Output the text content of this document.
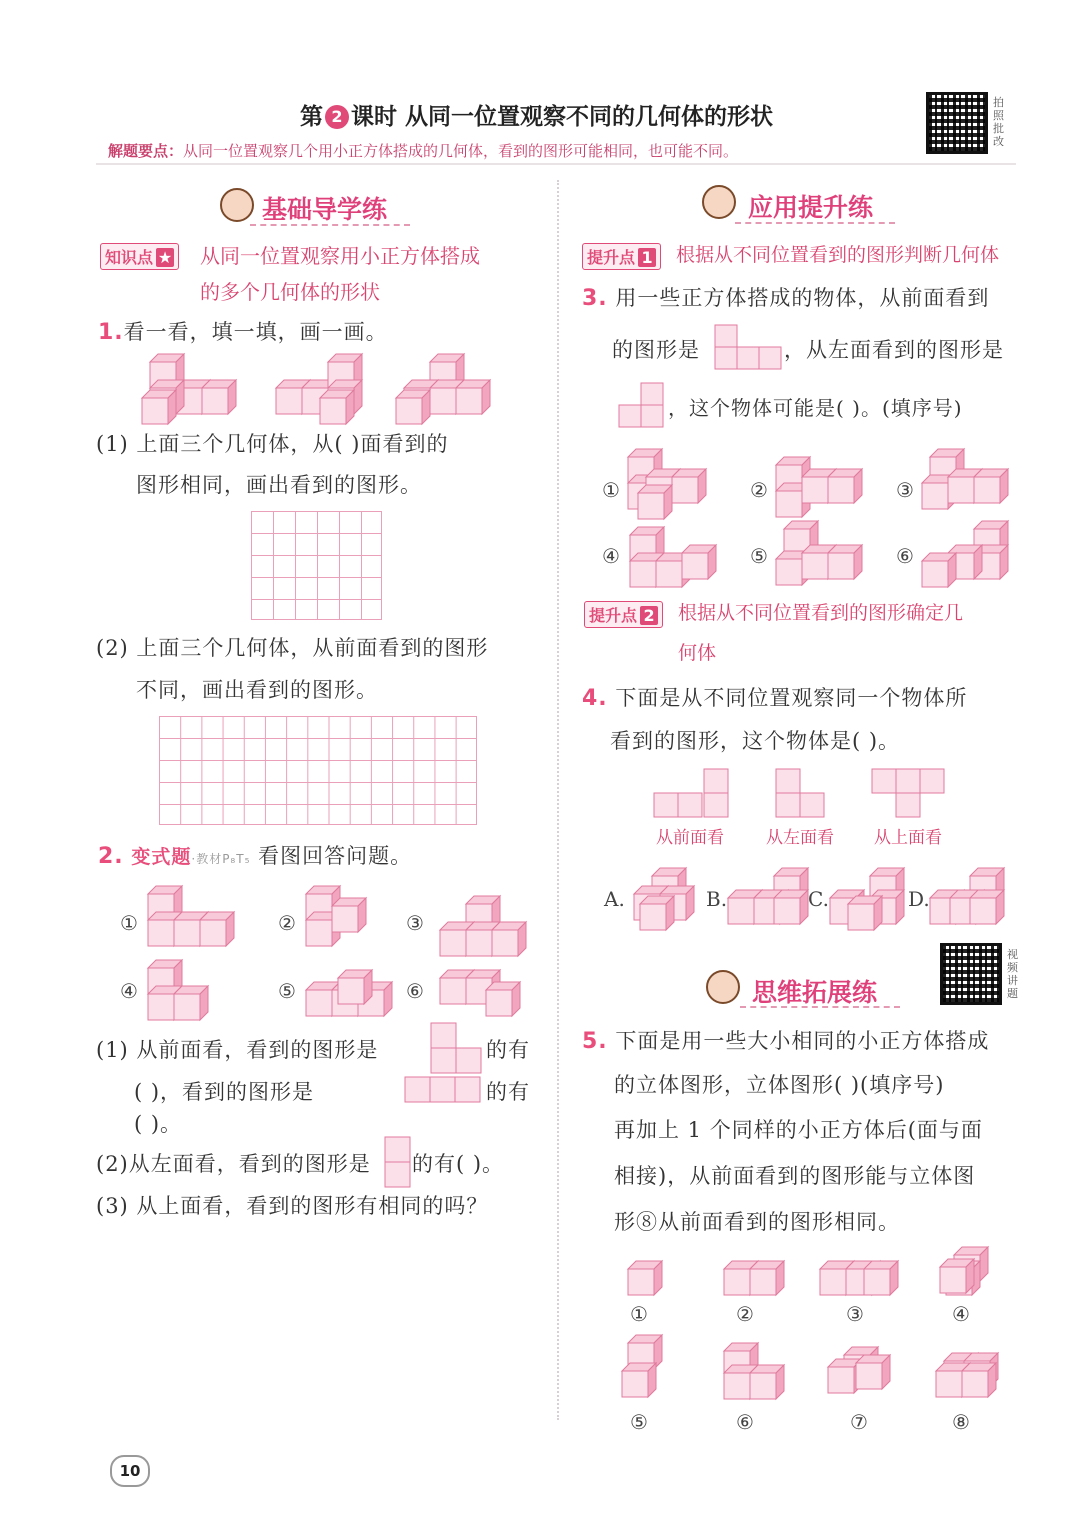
第 2 课时 从同一位置观察不同的几何体的形状
解题要点：从同一位置观察几个用小正方体搭成的几何体，看到的图形可能相同，也可能不同。
拍照批改
基础导学练
知识点 ★	从同一位置观察用小正方体搭成
的多个几何体的形状
1.看一看，填一填，画一画。
(1) 上面三个几何体，从( )面看到的
图形相同，画出看到的图形。
(2) 上面三个几何体，从前面看到的图形
不同，画出看到的图形。
2. 变式题·教材P₈T₅ 看图回答问题。
①	②	③
④	⑤	⑥
(1) 从前面看，看到的图形是	的有
( )，看到的图形是	的有
( )。
(2)从左面看，看到的图形是 的有( )。
(3) 从上面看，看到的图形有相同的吗？
应用提升练
提升点 1	根据从不同位置看到的图形判断几何体
3. 用一些正方体搭成的物体，从前面看到
的图形是	，从左面看到的图形是
，这个物体可能是( )。(填序号)
①	②	③
④	⑤	⑥
提升点 2	根据从不同位置看到的图形确定几
何体
4. 下面是从不同位置观察同一个物体所
看到的图形，这个物体是( )。
从前面看 从左面看 从上面看
A.	B.	C.	D.
视频讲题
思维拓展练
5. 下面是用一些大小相同的小正方体搭成
的立体图形，立体图形( )(填序号)
再加上 1 个同样的小正方体后(面与面
相接)，从前面看到的图形能与立体图
形⑧从前面看到的图形相同。
①	②	③	④
⑤	⑥	⑦	⑧
10
